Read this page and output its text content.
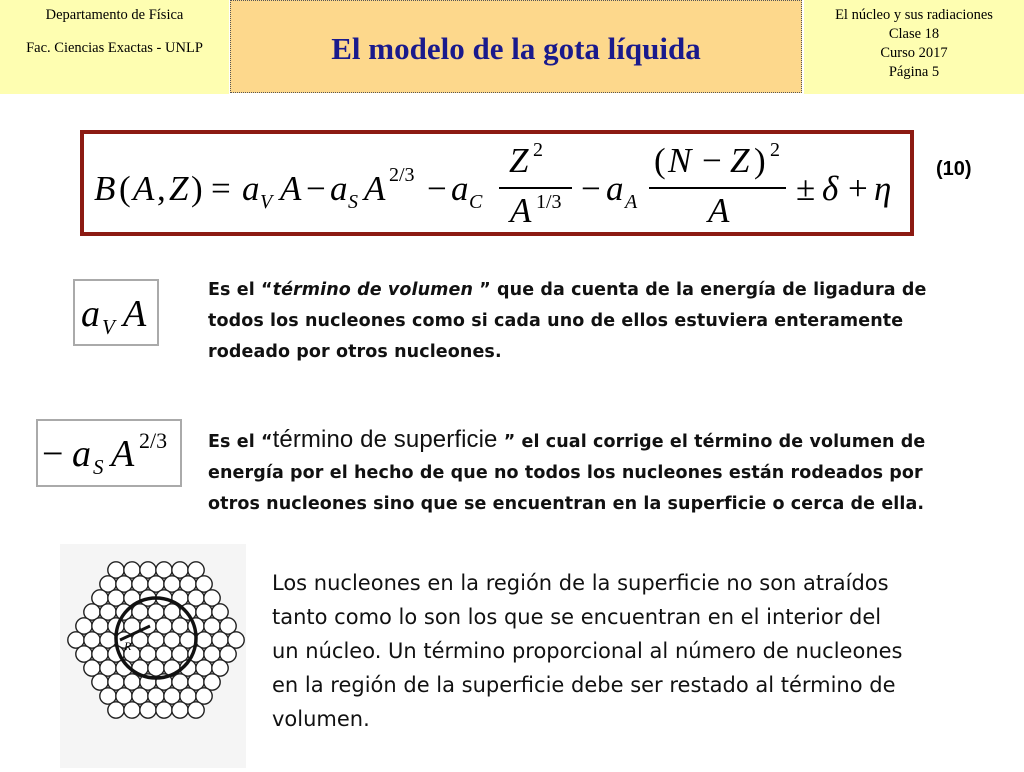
Departamento de Física
Fac. Ciencias Exactas - UNLP	El modelo de la gota líquida
El núcleo y sus radiaciones
Clase 18
Curso 2017
Página 5
B ( A , Z ) = a V A − a S A 2/3 − a C
Z 2
A 1/3 − a A
( N − Z ) 2
A
± δ + η (10)
a V A
Es el “término de volumen ” que da cuenta de la energía de ligadura de
todos los nucleones como si cada uno de ellos estuviera enteramente
rodeado por otros nucleones.
− a S A 2/3 Es el “término de superficie ” el cual corrige el término de volumen de
energía por el hecho de que no todos los nucleones están rodeados por
otros nucleones sino que se encuentran en la superficie o cerca de ella.
R
Los nucleones en la región de la superficie no son atraídos
tanto como lo son los que se encuentran en el interior del
un núcleo. Un término proporcional al número de nucleones
en la región de la superficie debe ser restado al término de
volumen.
